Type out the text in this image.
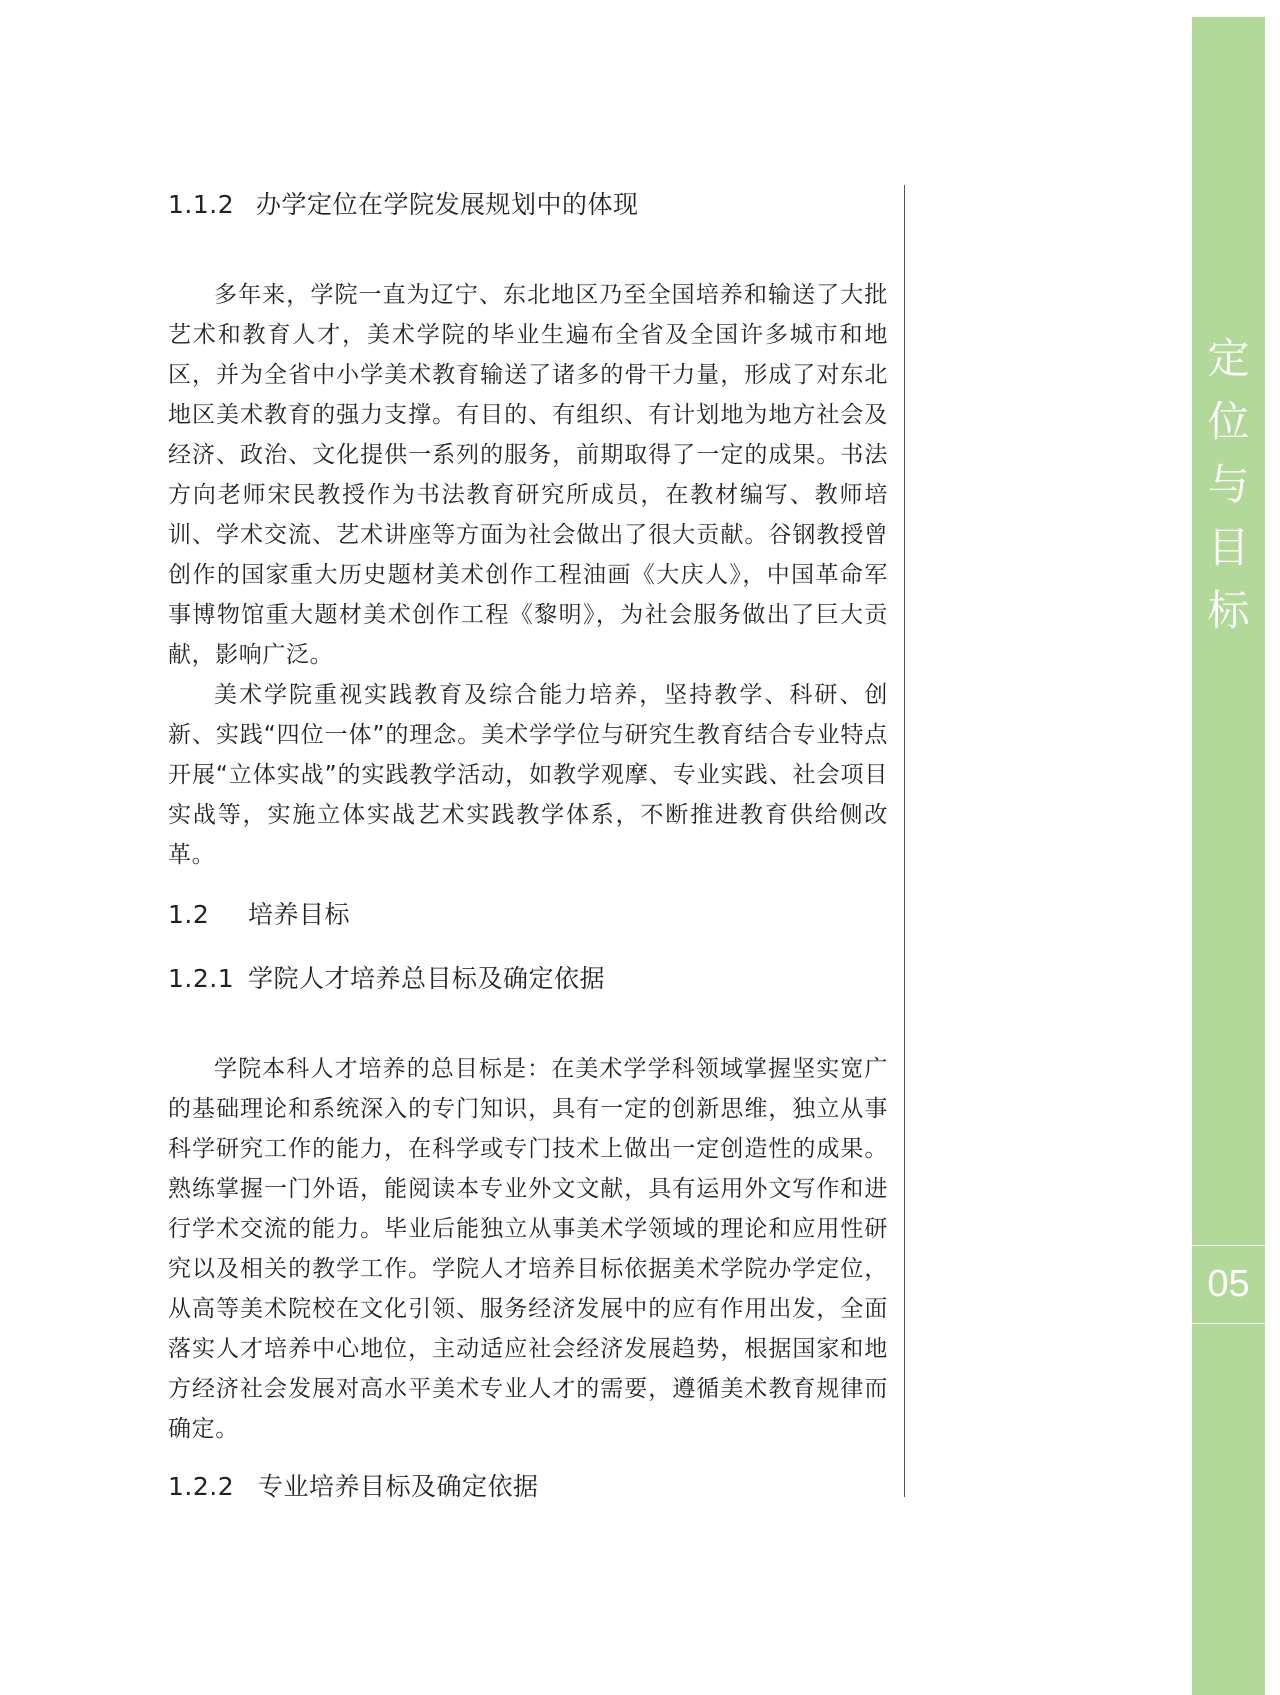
1.1.2 办学定位在学院发展规划中的体现

多年来，学院一直为辽宁、东北地区乃至全国培养和输送了大批艺术和教育人才，美术学院的毕业生遍布全省及全国许多城市和地区，并为全省中小学美术教育输送了诸多的骨干力量，形成了对东北地区美术教育的强力支撑。有目的、有组织、有计划地为地方社会及经济、政治、文化提供一系列的服务，前期取得了一定的成果。书法方向老师宋民教授作为书法教育研究所成员，在教材编写、教师培训、学术交流、艺术讲座等方面为社会做出了很大贡献。谷钢教授曾创作的国家重大历史题材美术创作工程油画《大庆人》，中国革命军事博物馆重大题材美术创作工程《黎明》，为社会服务做出了巨大贡献，影响广泛。

美术学院重视实践教育及综合能力培养，坚持教学、科研、创新、实践“四位一体”的理念。美术学学位与研究生教育结合专业特点开展“立体实战”的实践教学活动，如教学观摩、专业实践、社会项目实战等，实施立体实战艺术实践教学体系，不断推进教育供给侧改革。

1.2 培养目标
1.2.1 学院人才培养总目标及确定依据

学院本科人才培养的总目标是：在美术学学科领域掌握坚实宽广的基础理论和系统深入的专门知识，具有一定的创新思维，独立从事科学研究工作的能力，在科学或专门技术上做出一定创造性的成果。熟练掌握一门外语，能阅读本专业外文文献，具有运用外文写作和进行学术交流的能力。毕业后能独立从事美术学领域的理论和应用性研究以及相关的教学工作。学院人才培养目标依据美术学院办学定位，从高等美术院校在文化引领、服务经济发展中的应有作用出发，全面落实人才培养中心地位，主动适应社会经济发展趋势，根据国家和地方经济社会发展对高水平美术专业人才的需要，遵循美术教育规律而确定。

1.2.2 专业培养目标及确定依据
定
位
与
目
标
05
